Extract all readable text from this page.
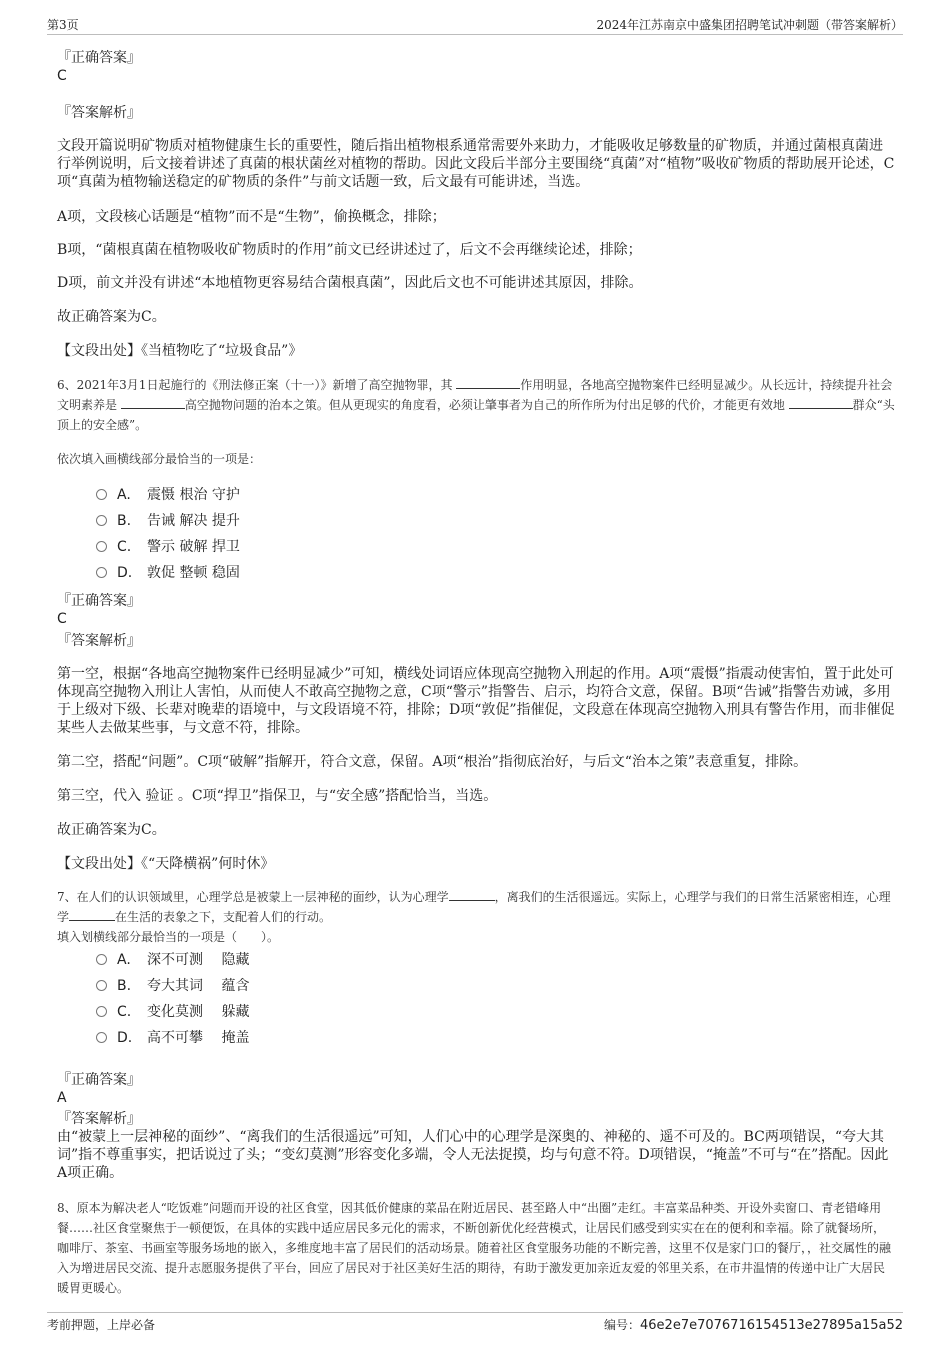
第3页	2024年江苏南京中盛集团招聘笔试冲刺题（带答案解析）
『正确答案』
C
『答案解析』
文段开篇说明矿物质对植物健康生长的重要性，随后指出植物根系通常需要外来助力，才能吸收足够数量的矿物质，并通过菌根真菌进行举例说明，后文接着讲述了真菌的根状菌丝对植物的帮助。因此文段后半部分主要围绕“真菌”对“植物”吸收矿物质的帮助展开论述，C项“真菌为植物输送稳定的矿物质的条件”与前文话题一致，后文最有可能讲述，当选。
A项，文段核心话题是“植物”而不是“生物”，偷换概念，排除；
B项，“菌根真菌在植物吸收矿物质时的作用”前文已经讲述过了，后文不会再继续论述，排除；
D项，前文并没有讲述“本地植物更容易结合菌根真菌”，因此后文也不可能讲述其原因，排除。
故正确答案为C。
【文段出处】《当植物吃了“垃圾食品”》
6、2021年3月1日起施行的《刑法修正案（十一）》新增了高空抛物罪，其	作用明显，各地高空抛物案件已经明显减少。从长远计，持续提升社会文明素养是	高空抛物问题的治本之策。但从更现实的角度看，必须让肇事者为自己的所作所为付出足够的代价，才能更有效地	群众“头顶上的安全感”。
依次填入画横线部分最恰当的一项是：
A. 震慑 根治 守护
B. 告诫 解决 提升
C. 警示 破解 捍卫
D. 敦促 整顿 稳固
『正确答案』
C
『答案解析』
第一空，根据“各地高空抛物案件已经明显减少”可知，横线处词语应体现高空抛物入刑起的作用。A项“震慑”指震动使害怕，置于此处可体现高空抛物入刑让人害怕，从而使人不敢高空抛物之意，C项“警示”指警告、启示，均符合文意，保留。B项“告诫”指警告劝诫，多用于上级对下级、长辈对晚辈的语境中，与文段语境不符，排除；D项“敦促”指催促，文段意在体现高空抛物入刑具有警告作用，而非催促某些人去做某些事，与文意不符，排除。
第二空，搭配“问题”。C项“破解”指解开，符合文意，保留。A项“根治”指彻底治好，与后文“治本之策”表意重复，排除。
第三空，代入 验证 。C项“捍卫”指保卫，与“安全感”搭配恰当，当选。
故正确答案为C。
【文段出处】《“天降横祸”何时休》
7、在人们的认识领域里，心理学总是被蒙上一层神秘的面纱，认为心理学	，离我们的生活很遥远。实际上，心理学与我们的日常生活紧密相连，心理学	在生活的表象之下，支配着人们的行动。
填入划横线部分最恰当的一项是（　　）。
A. 深不可测　 隐藏
B. 夸大其词　 蕴含
C. 变化莫测　 躲藏
D. 高不可攀　 掩盖
『正确答案』
A
『答案解析』
由“被蒙上一层神秘的面纱”、“离我们的生活很遥远”可知，人们心中的心理学是深奥的、神秘的、遥不可及的。BC两项错误，“夸大其词”指不尊重事实，把话说过了头；“变幻莫测”形容变化多端，令人无法捉摸，均与句意不符。D项错误，“掩盖”不可与“在”搭配。因此A项正确。
8、原本为解决老人“吃饭难”问题而开设的社区食堂，因其低价健康的菜品在附近居民、甚至路人中“出圈”走红。丰富菜品种类、开设外卖窗口、青老错峰用餐……社区食堂聚焦于一顿便饭，在具体的实践中适应居民多元化的需求，不断创新优化经营模式，让居民们感受到实实在在的便利和幸福。除了就餐场所，咖啡厅、茶室、书画室等服务场地的嵌入，多维度地丰富了居民们的活动场景。随着社区食堂服务功能的不断完善，这里不仅是家门口的餐厅，，社交属性的融入为增进居民交流、提升志愿服务提供了平台，回应了居民对于社区美好生活的期待，有助于激发更加亲近友爱的邻里关系，在市井温情的传递中让广大居民暖胃更暖心。
考前押题，上岸必备	编号：46e2e7e7076716154513e27895a15a52
